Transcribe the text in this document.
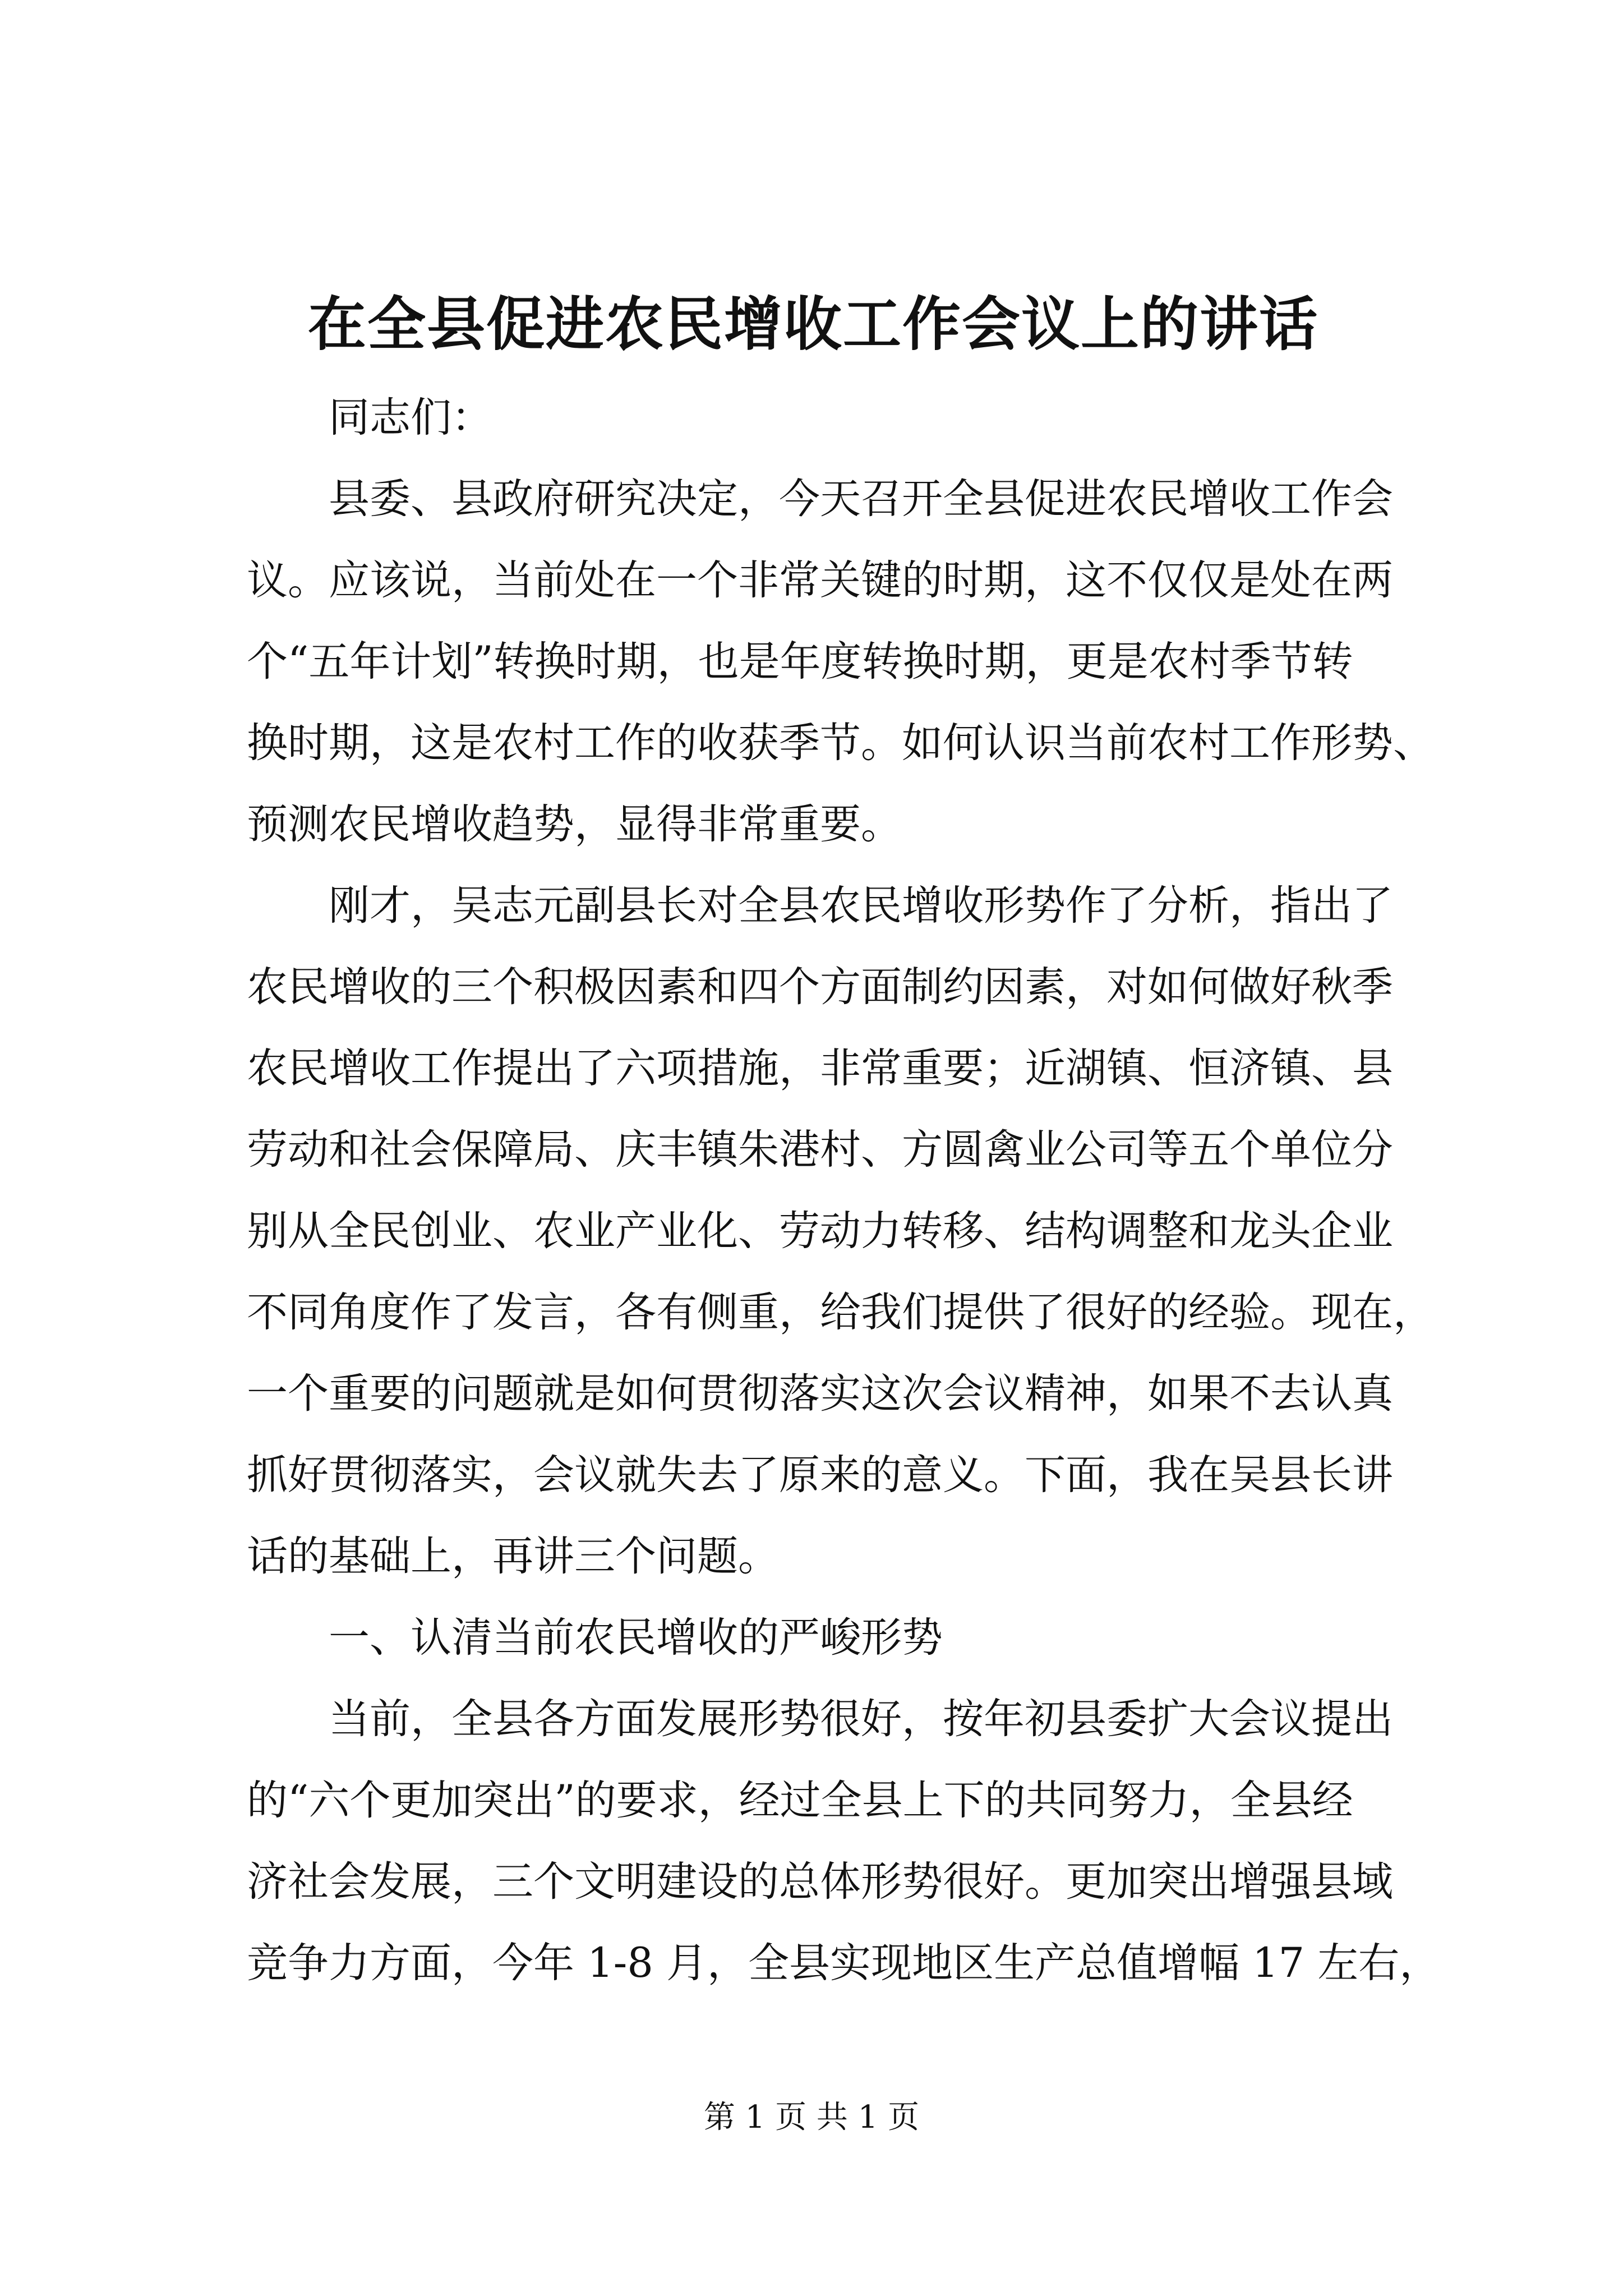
在全县促进农民增收工作会议上的讲话

同志们：

县委、县政府研究决定，今天召开全县促进农民增收工作会
议。应该说，当前处在一个非常关键的时期，这不仅仅是处在两
个“五年计划”转换时期，也是年度转换时期，更是农村季节转
换时期，这是农村工作的收获季节。如何认识当前农村工作形势、
预测农民增收趋势，显得非常重要。

刚才，吴志元副县长对全县农民增收形势作了分析，指出了
农民增收的三个积极因素和四个方面制约因素，对如何做好秋季
农民增收工作提出了六项措施，非常重要；近湖镇、恒济镇、县
劳动和社会保障局、庆丰镇朱港村、方圆禽业公司等五个单位分
别从全民创业、农业产业化、劳动力转移、结构调整和龙头企业
不同角度作了发言，各有侧重，给我们提供了很好的经验。现在，
一个重要的问题就是如何贯彻落实这次会议精神，如果不去认真
抓好贯彻落实，会议就失去了原来的意义。下面，我在吴县长讲
话的基础上，再讲三个问题。

一、认清当前农民增收的严峻形势

当前，全县各方面发展形势很好，按年初县委扩大会议提出
的“六个更加突出”的要求，经过全县上下的共同努力，全县经
济社会发展，三个文明建设的总体形势很好。更加突出增强县域
竞争力方面，今年 1-8 月，全县实现地区生产总值增幅 17 左右，

第 1 页 共 1 页
